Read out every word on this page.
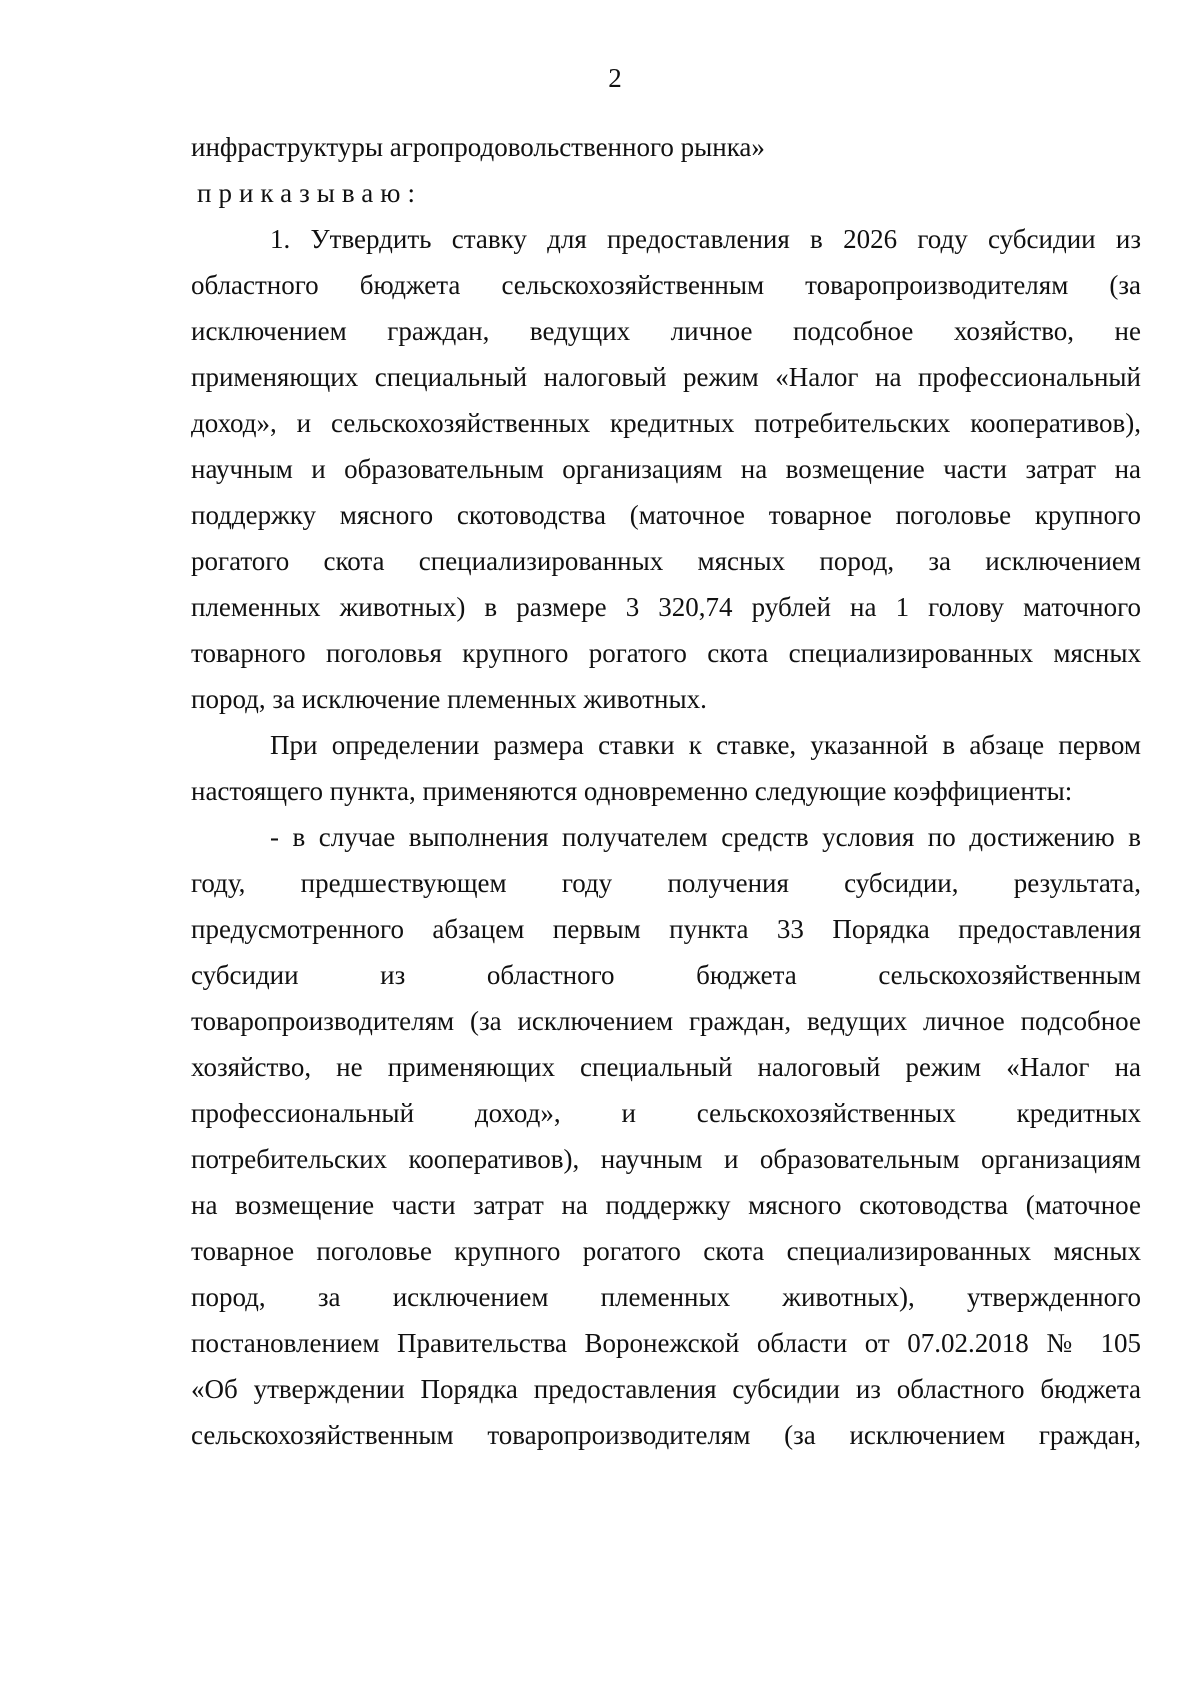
2
инфраструктуры агропродовольственного рынка»
приказываю:
1. Утвердить ставку для предоставления в 2026 году субсидии из
областного бюджета сельскохозяйственным товаропроизводителям (за
исключением граждан, ведущих личное подсобное хозяйство, не
применяющих специальный налоговый режим «Налог на профессиональный
доход», и сельскохозяйственных кредитных потребительских кооперативов),
научным и образовательным организациям на возмещение части затрат на
поддержку мясного скотоводства (маточное товарное поголовье крупного
рогатого скота специализированных мясных пород, за исключением
племенных животных) в размере 3 320,74 рублей на 1 голову маточного
товарного поголовья крупного рогатого скота специализированных мясных
пород, за исключение племенных животных.
При определении размера ставки к ставке, указанной в абзаце первом
настоящего пункта, применяются одновременно следующие коэффициенты:
- в случае выполнения получателем средств условия по достижению в
году, предшествующем году получения субсидии, результата,
предусмотренного абзацем первым пункта 33 Порядка предоставления
субсидии из областного бюджета сельскохозяйственным
товаропроизводителям (за исключением граждан, ведущих личное подсобное
хозяйство, не применяющих специальный налоговый режим «Налог на
профессиональный доход», и сельскохозяйственных кредитных
потребительских кооперативов), научным и образовательным организациям
на возмещение части затрат на поддержку мясного скотоводства (маточное
товарное поголовье крупного рогатого скота специализированных мясных
пород, за исключением племенных животных), утвержденного
постановлением Правительства Воронежской области от 07.02.2018 № 105
«Об утверждении Порядка предоставления субсидии из областного бюджета
сельскохозяйственным товаропроизводителям (за исключением граждан,
